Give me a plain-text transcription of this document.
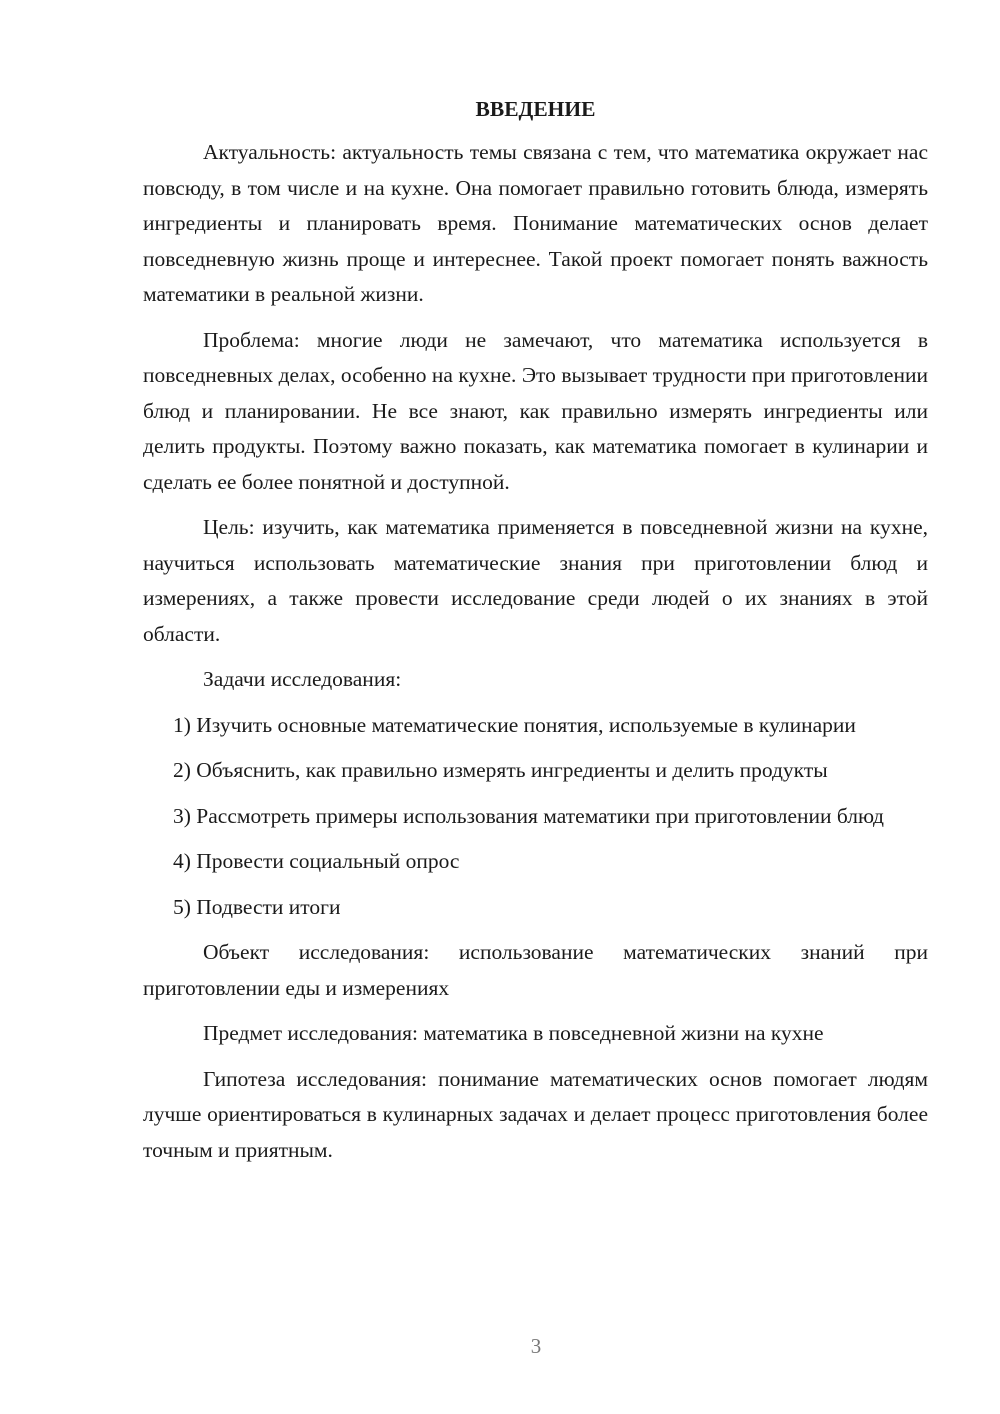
ВВЕДЕНИЕ

Актуальность: актуальность темы связана с тем, что математика окружает нас повсюду, в том числе и на кухне. Она помогает правильно готовить блюда, измерять ингредиенты и планировать время. Понимание математических основ делает повседневную жизнь проще и интереснее. Такой проект помогает понять важность математики в реальной жизни.

Проблема: многие люди не замечают, что математика используется в повседневных делах, особенно на кухне. Это вызывает трудности при приготовлении блюд и планировании. Не все знают, как правильно измерять ингредиенты или делить продукты. Поэтому важно показать, как математика помогает в кулинарии и сделать ее более понятной и доступной.

Цель: изучить, как математика применяется в повседневной жизни на кухне, научиться использовать математические знания при приготовлении блюд и измерениях, а также провести исследование среди людей о их знаниях в этой области.

Задачи исследования:

1) Изучить основные математические понятия, используемые в кулинарии

2) Объяснить, как правильно измерять ингредиенты и делить продукты

3) Рассмотреть примеры использования математики при приготовлении блюд

4) Провести социальный опрос

5) Подвести итоги

Объект исследования: использование математических знаний при приготовлении еды и измерениях

Предмет исследования: математика в повседневной жизни на кухне

Гипотеза исследования: понимание математических основ помогает людям лучше ориентироваться в кулинарных задачах и делает процесс приготовления более точным и приятным.

3
